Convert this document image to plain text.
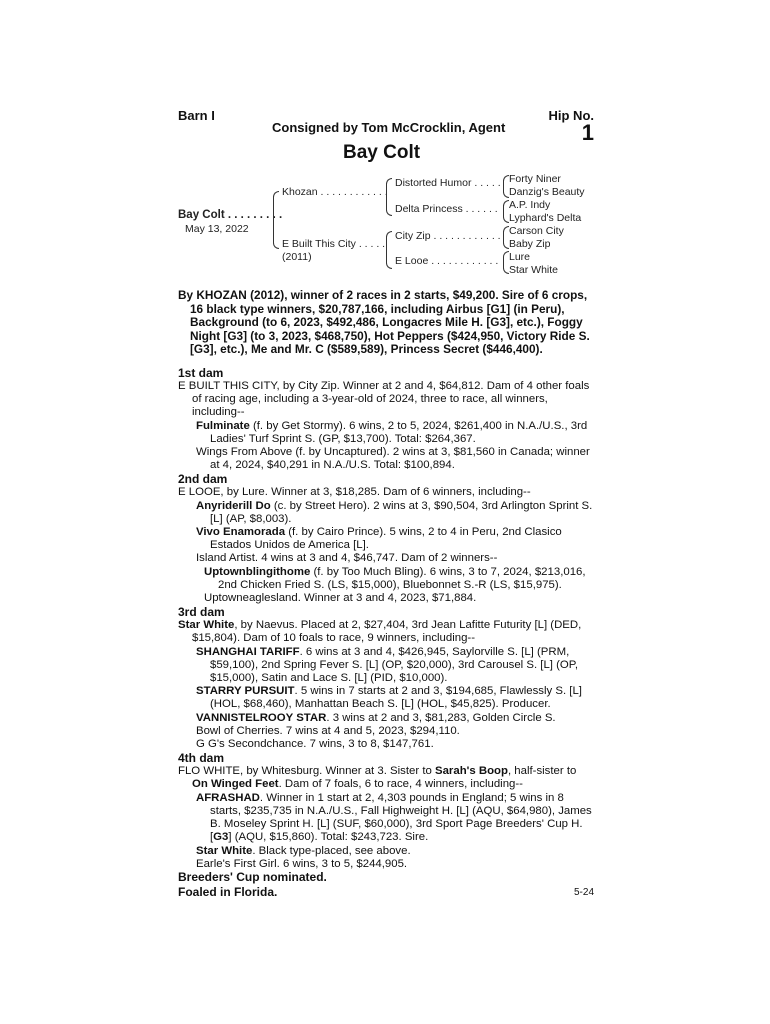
Barn I
Consigned by Tom McCrocklin, Agent
Hip No.
1
Bay Colt
Bay Colt . . . . . . . . .
May 13, 2022
Khozan . . . . . . . . . . . .
E Built This City . . . . .
(2011)
Distorted Humor . . . . .
Delta Princess . . . . . .
City Zip . . . . . . . . . . . .
E Looe . . . . . . . . . . . .
Forty Niner
Danzig's Beauty
A.P. Indy
Lyphard's Delta
Carson City
Baby Zip
Lure
Star White

By KHOZAN (2012), winner of 2 races in 2 starts, $49,200. Sire of 6 crops, 16 black type winners, $20,787,166, including Airbus [G1] (in Peru), Background (to 6, 2023, $492,486, Longacres Mile H. [G3], etc.), Foggy Night [G3] (to 3, 2023, $468,750), Hot Peppers ($424,950, Victory Ride S. [G3], etc.), Me and Mr. C ($589,589), Princess Secret ($446,400).

1st dam

E BUILT THIS CITY, by City Zip. Winner at 2 and 4, $64,812. Dam of 4 other foals of racing age, including a 3-year-old of 2024, three to race, all winners, including--

Fulminate (f. by Get Stormy). 6 wins, 2 to 5, 2024, $261,400 in N.A./U.S., 3rd Ladies' Turf Sprint S. (GP, $13,700). Total: $264,367.

Wings From Above (f. by Uncaptured). 2 wins at 3, $81,560 in Canada; winner at 4, 2024, $40,291 in N.A./U.S. Total: $100,894.

2nd dam

E LOOE, by Lure. Winner at 3, $18,285. Dam of 6 winners, including--

Anyriderill Do (c. by Street Hero). 2 wins at 3, $90,504, 3rd Arlington Sprint S. [L] (AP, $8,003).

Vivo Enamorada (f. by Cairo Prince). 5 wins, 2 to 4 in Peru, 2nd Clasico Estados Unidos de America [L].

Island Artist. 4 wins at 3 and 4, $46,747. Dam of 2 winners--

Uptownblingithome (f. by Too Much Bling). 6 wins, 3 to 7, 2024, $213,016, 2nd Chicken Fried S. (LS, $15,000), Bluebonnet S.-R (LS, $15,975).

Uptowneaglesland. Winner at 3 and 4, 2023, $71,884.

3rd dam

Star White, by Naevus. Placed at 2, $27,404, 3rd Jean Lafitte Futurity [L] (DED, $15,804). Dam of 10 foals to race, 9 winners, including--

SHANGHAI TARIFF. 6 wins at 3 and 4, $426,945, Saylorville S. [L] (PRM, $59,100), 2nd Spring Fever S. [L] (OP, $20,000), 3rd Carousel S. [L] (OP, $15,000), Satin and Lace S. [L] (PID, $10,000).

STARRY PURSUIT. 5 wins in 7 starts at 2 and 3, $194,685, Flawlessly S. [L] (HOL, $68,460), Manhattan Beach S. [L] (HOL, $45,825). Producer.

VANNISTELROOY STAR. 3 wins at 2 and 3, $81,283, Golden Circle S.

Bowl of Cherries. 7 wins at 4 and 5, 2023, $294,110.

G G's Secondchance. 7 wins, 3 to 8, $147,761.

4th dam

FLO WHITE, by Whitesburg. Winner at 3. Sister to Sarah's Boop, half-sister to On Winged Feet. Dam of 7 foals, 6 to race, 4 winners, including--

AFRASHAD. Winner in 1 start at 2, 4,303 pounds in England; 5 wins in 8 starts, $235,735 in N.A./U.S., Fall Highweight H. [L] (AQU, $64,980), James B. Moseley Sprint H. [L] (SUF, $60,000), 3rd Sport Page Breeders' Cup H. [G3] (AQU, $15,860). Total: $243,723. Sire.

Star White. Black type-placed, see above.

Earle's First Girl. 6 wins, 3 to 5, $244,905.

Breeders' Cup nominated.
Foaled in Florida.	5-24
